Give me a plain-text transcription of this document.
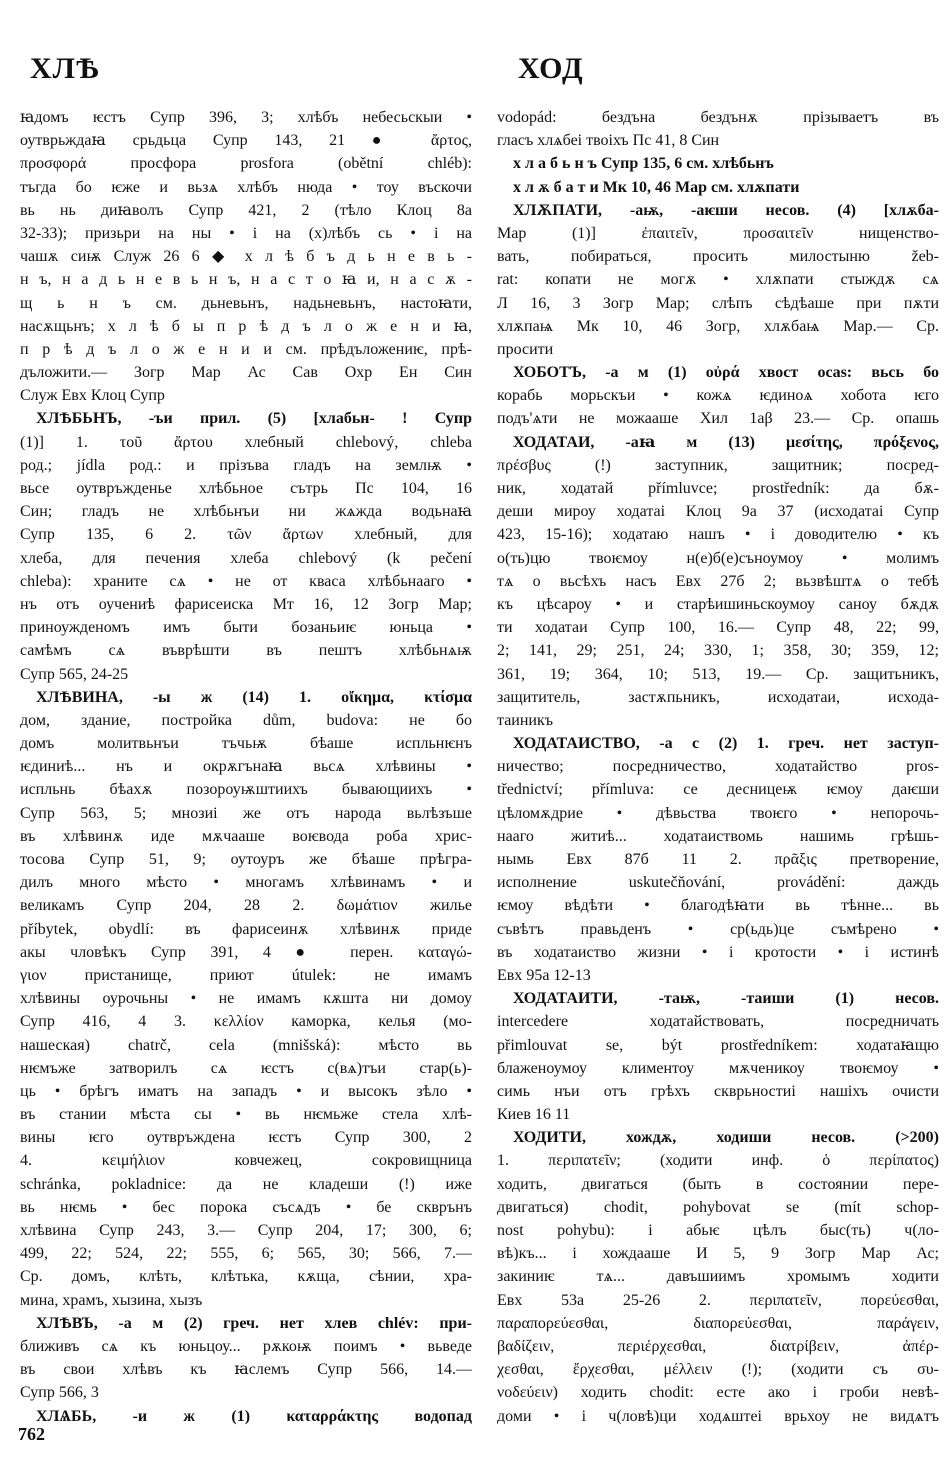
ХЛѢ	ХОД
ꙗдомъ ѥстъ Супр 396, 3; хлѣбъ небесьскыи •
оутврьждаꙗ срьдьца Супр 143, 21 ● ἄρτος,
προσφορά просфора prosfora (obětní chléb):
тъгда бо ѥже и вьзѧ хлѣбъ нюда • тоу въскочи
вь нь диꙗволъ Супр 421, 2 (тѣло Клоц 8а
32-33); призьри на ны • і на (х)лѣбъ сь • і на
чашѫ сиѭ Служ 26 6 ◆ х л ѣ б ъ д ь н е в ь -
н ъ, н а д ь н е в ь н ъ, н а с т о ꙗ и, н а с ѫ -
щ ь н ъ см. дьневьнъ, надьневьнъ, настоꙗти,
насѫщьнъ; х л ѣ б ы п р ѣ д ъ л о ж е н и ꙗ,
п р ѣ д ъ л о ж е н и и см. прѣдъложениѥ, прѣ-
дъложити.— Зогр Мар Ас Сав Охр Ен Син
Служ Евх Клоц Супр
ХЛѢБЬНЪ, -ъи прил. (5) [хлабьн- ! Супр
(1)] 1. τοῦ ἄρτου хлебный chlebový, chleba
род.; jídla род.: и прізъва гладъ на землѭ •
вьсе оутвръжденье хлѣбьное сътрь Пс 104, 16
Син; гладъ не хлѣбьнъи ни жѧжда водьнаꙗ
Супр 135, 6 2. τῶν ἄρτων хлебный, для
хлеба, для печения хлеба chlebový (k pečení
chleba): храните сѧ • не от кваса хлѣбьнааго •
нъ отъ оучениѣ фарисеиска Мт 16, 12 Зогр Мар;
приноужденомъ имъ быти бозаньиѥ юньца •
самѣмъ сѧ въврѣшти въ пештъ хлѣбьнѧѭ
Супр 565, 24-25
ХЛѢВИНА, -ы ж (14) 1. οἴκημα, κτίσμα
дом, здание, постройка dům, budova: не бо
домъ молитвьнъи тъчьѭ бѣаше испльнѥнъ
ѥдиниѣ... нъ и окрѫгънаꙗ вьсѧ хлѣвины •
испльнь бѣахѫ позороуѭштиихъ бывающиихъ •
Супр 563, 5; мнозиі же отъ народа вьлѣзъше
въ хлѣвинѫ иде мѫчааше воѥвода роба хрис-
тосова Супр 51, 9; оутоуръ же бѣаше прѣгра-
дилъ много мѣсто • многамъ хлѣвинамъ • и
великамъ Супр 204, 28 2. δωμάτιον жилье
příbytek, obydlí: въ фарисеинѫ хлѣвинѫ приде
акы чловѣкъ Супр 391, 4 ● перен. καταγώ-
γιον пристанище, приют útulek: не имамъ
хлѣвины оурочьны • не имамъ кѫшта ни домоу
Супр 416, 4 3. κελλίον каморка, келья (мо-
нашеская) chatrč, cela (mnišská): мѣсто вь
нѥмъже затворилъ сѧ ѥстъ с(вѧ)тъи стар(ь)-
ць • брѣгъ иматъ на западъ • и высокъ зѣло •
въ стании мѣста сы • вь нѥмьже стела хлѣ-
вины ѥго оутвръждена ѥстъ Супр 300, 2
4. κειμήλιον ковчежец, сокровищница
schránka, pokladnice: да не кладеши (!) иже
вь нѥмь • бес порока съсѧдъ • бе скврънъ
хлѣвина Супр 243, 3.— Супр 204, 17; 300, 6;
499, 22; 524, 22; 555, 6; 565, 30; 566, 7.—
Ср. домъ, клѣть, клѣтька, кѫща, сѣнии, хра-
мина, храмъ, хызина, хызъ
ХЛѢВЪ, -а м (2) греч. нет хлев chlév: при-
ближивъ сѧ къ юньцоу... рѫкоѭ поимъ • вьведе
въ свои хлѣвъ къ ꙗслемъ Супр 566, 14.—
Супр 566, 3
ХЛѦБЬ, -и ж (1) καταρράκτης водопад
vodopád: бездъна бездънѫ прізываетъ въ
гласъ хлѧбеі твоіхъ Пс 41, 8 Син
х л а б ь н ъ Супр 135, 6 см. хлѣбьнъ
х л ѫ б а т и Мк 10, 46 Мар см. хлѫпати
ХЛѪПАТИ, -аѭ, -аѥши несов. (4) [хлѫба-
Мар (1)] ἐπαιτεῖν, προσαιτεῖν нищенство-
вать, побираться, просить милостыню žeb-
rat: копати не могѫ • хлѫпати стыждѫ сѧ
Л 16, 3 Зогр Мар; слѣпъ сѣдѣаше при пѫти
хлѫпаѩ Мк 10, 46 Зогр, хлѫбаѩ Мар.— Ср.
просити
ХОБОТЪ, -а м (1) οὐρά хвост ocas: вьсь бо
корабь морьскъи • кожѧ ѥдиноѧ хобота ѥго
подъ'ѧти не можааше Хил 1аβ 23.— Ср. опашь
ХОДАТАИ, -аꙗ м (13) μεσίτης, πρόξενος,
πρέσβυς (!) заступник, защитник; посред-
ник, ходатай přímluvce; prostředník: да бѫ-
деши мироу ходатаі Клоц 9а 37 (исходатаі Супр
423, 15-16); ходатаю нашъ • і доводителю • къ
о(ть)цю твоѥмоу н(е)б(е)съноумоу • молимъ
тѧ о вьсѣхъ насъ Евх 27б 2; вьзвѣштѧ о тебѣ
къ цѣсароу • и старѣишиньскоумоу саноу бѫдѫ
ти ходатаи Супр 100, 16.— Супр 48, 22; 99,
2; 141, 29; 251, 24; 330, 1; 358, 30; 359, 12;
361, 19; 364, 10; 513, 19.— Ср. защитьникъ,
защититель, застѫпьникъ, исходатаи, исхода-
таиникъ
ХОДАТАИСТВО, -а с (2) 1. греч. нет заступ-
ничество; посредничество, ходатайство pros-
třednictví; přímluva: се десницеѭ ѥмоу даѥши
цѣломѫдрие • дѣвьства твоѥго • непорочь-
нааго житиѣ... ходатаиствомь нашимь грѣшь-
нымь Евх 87б 11 2. πρᾶξις претворение,
исполнение uskutečňování, provádění: даждь
ѥмоу вѣдѣти • благодѣꙗти вь тѣнне... вь
съвѣтъ правьденъ • ср(ьдь)це съмѣрено •
въ ходатаиство жизни • і кротости • і истинѣ
Евх 95а 12-13
ХОДАТАИТИ, -таѭ, -таиши (1) несов.
intercedere ходатайствовать, посредничать
přimlouvat se, být prostředníkem: ходатаꙗщю
блаженоумоу климентоу мѫченикоу твоѥмоу •
симь нъи отъ грѣхъ скврьностиі нашіхъ очисти
Киев 16 11
ХОДИТИ, хождѫ, ходиши несов. (>200)
1. περιπατεῖν; (ходити инф. ὁ περίπατος)
ходить, двигаться (быть в состоянии пере-
двигаться) chodit, pohybovat se (mít schop-
nost pohybu): і абьѥ цѣлъ быс(ть) ч(ло-
вѣ)къ... і хождааше И 5, 9 Зогр Мар Ас;
закиниѥ тѧ... давъшиимъ хромымъ ходити
Евх 53а 25-26 2. περιπατεῖν, πορεύεσθαι,
παραπορεύεσθαι, διαπορεύεσθαι, παράγειν,
βαδίζειν, περιέρχεσθαι, διατρίβειν, ἀπέρ-
χεσθαι, ἔρχεσθαι, μέλλειν (!); (ходити съ συ-
νοδεύειν) ходить chodit: есте ако і гроби невѣ-
доми • і ч(ловѣ)ци ходѧштеі врьхоу не видѧтъ
762
